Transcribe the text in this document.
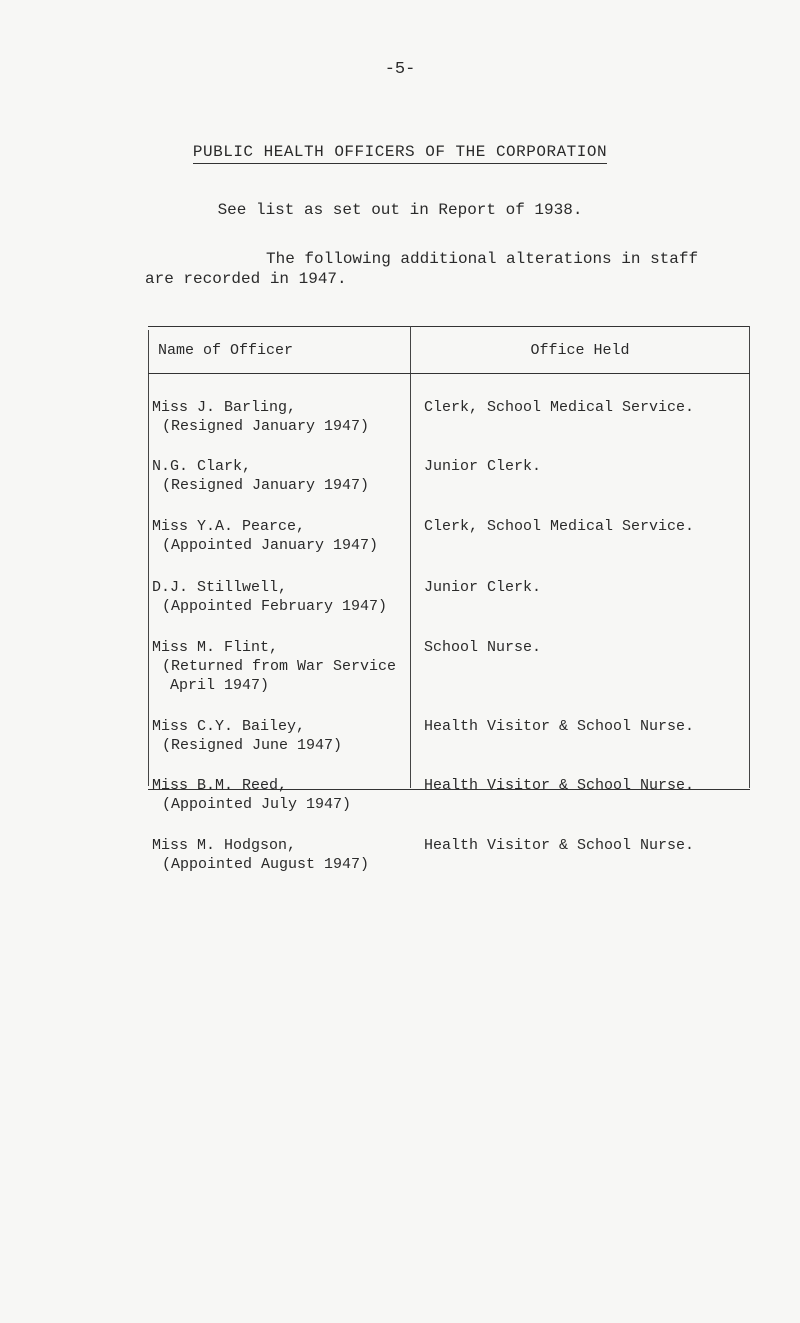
-5-
PUBLIC HEALTH OFFICERS OF THE CORPORATION
See list as set out in Report of 1938.
The following additional alterations in staff
are recorded in 1947.
Name of Officer	Office Held
Miss J. Barling,
(Resigned January 1947)
Clerk, School Medical Service.
N.G. Clark,
(Resigned January 1947)
Junior Clerk.
Miss Y.A. Pearce,
(Appointed January 1947)
Clerk, School Medical Service.
D.J. Stillwell,
(Appointed February 1947)
Junior Clerk.
Miss M. Flint,
(Returned from War Service
April 1947)
School Nurse.
Miss C.Y. Bailey,
(Resigned June 1947)
Health Visitor & School Nurse.
Miss B.M. Reed,
(Appointed July 1947)
Health Visitor & School Nurse.
Miss M. Hodgson,
(Appointed August 1947)
Health Visitor & School Nurse.
